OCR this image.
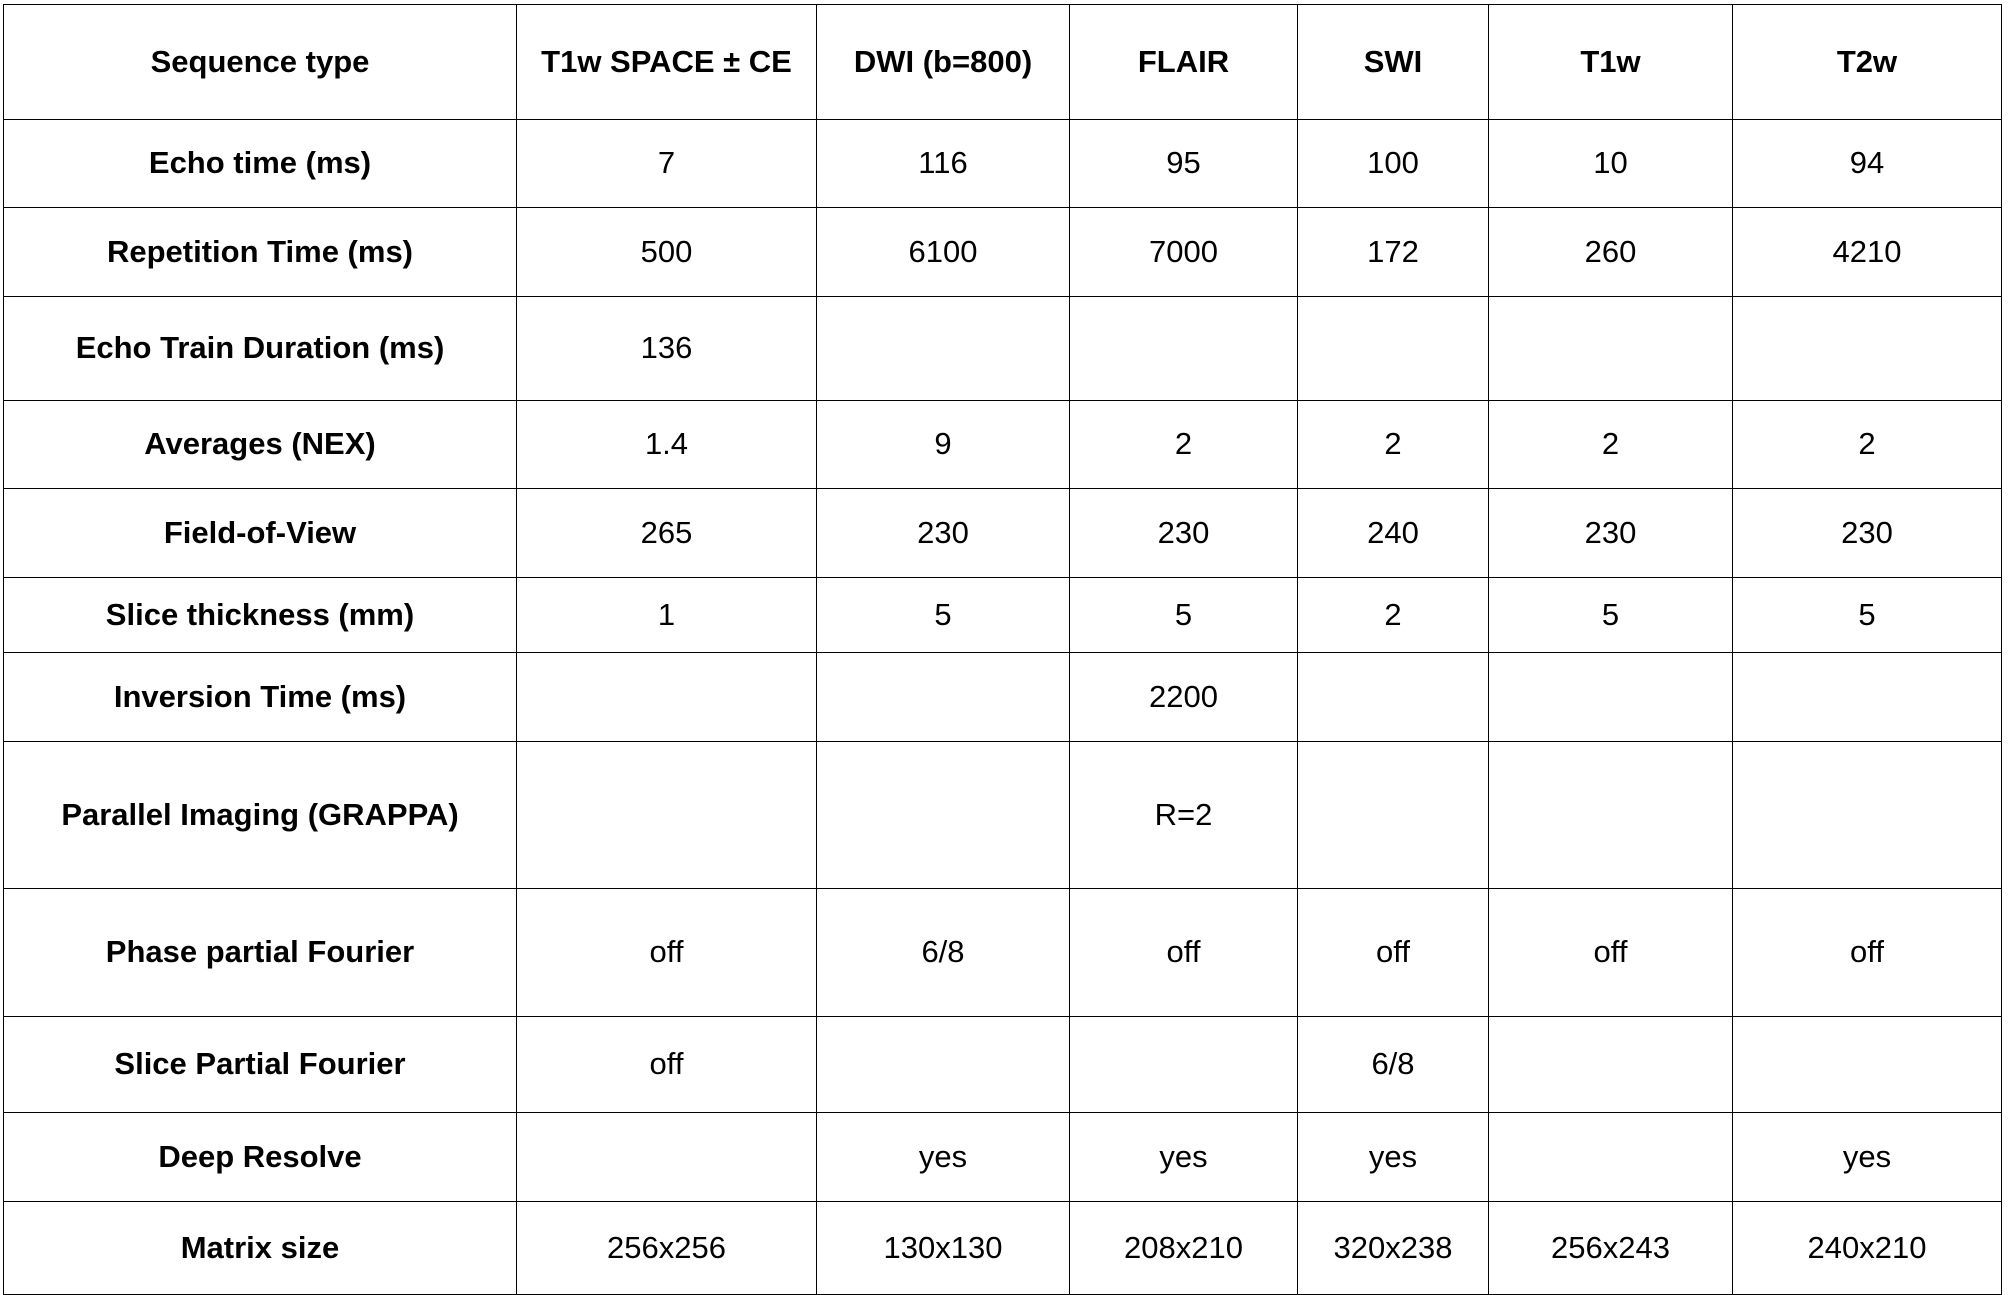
Sequence type	T1w SPACE ± CE	DWI (b=800)	FLAIR	SWI	T1w	T2w
Echo time (ms)	7	116	95	100	10	94
Repetition Time (ms)	500	6100	7000	172	260	4210
Echo Train Duration (ms)	136					
Averages (NEX)	1.4	9	2	2	2	2
Field-of-View	265	230	230	240	230	230
Slice thickness (mm)	1	5	5	2	5	5
Inversion Time (ms)			2200			
Parallel Imaging (GRAPPA)			R=2			
Phase partial Fourier	off	6/8	off	off	off	off
Slice Partial Fourier	off			6/8		
Deep Resolve		yes	yes	yes		yes
Matrix size	256x256	130x130	208x210	320x238	256x243	240x210
